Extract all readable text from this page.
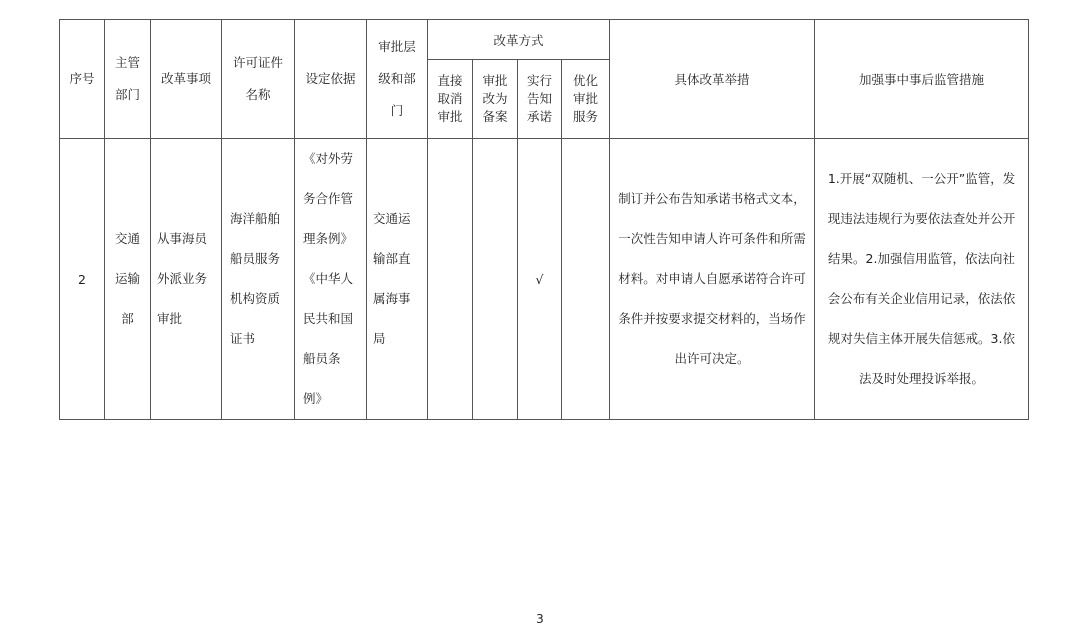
序号	主管部门	改革事项	许可证件名称	设定依据	审批层级和部门	改革方式				具体改革举措	加强事中事后监管措施
						直接取消审批	审批改为备案	实行告知承诺	优化审批服务		
2	交通运输部	从事海员外派业务审批	海洋船舶船员服务机构资质证书	《对外劳务合作管理条例》《中华人民共和国船员条例》	交通运输部直属海事局			√		制订并公布告知承诺书格式文本，一次性告知申请人许可条件和所需材料。对申请人自愿承诺符合许可条件并按要求提交材料的，当场作出许可决定。	1.开展“双随机、一公开”监管，发现违法违规行为要依法查处并公开结果。2.加强信用监管，依法向社会公布有关企业信用记录，依法依规对失信主体开展失信惩戒。3.依法及时处理投诉举报。
3
